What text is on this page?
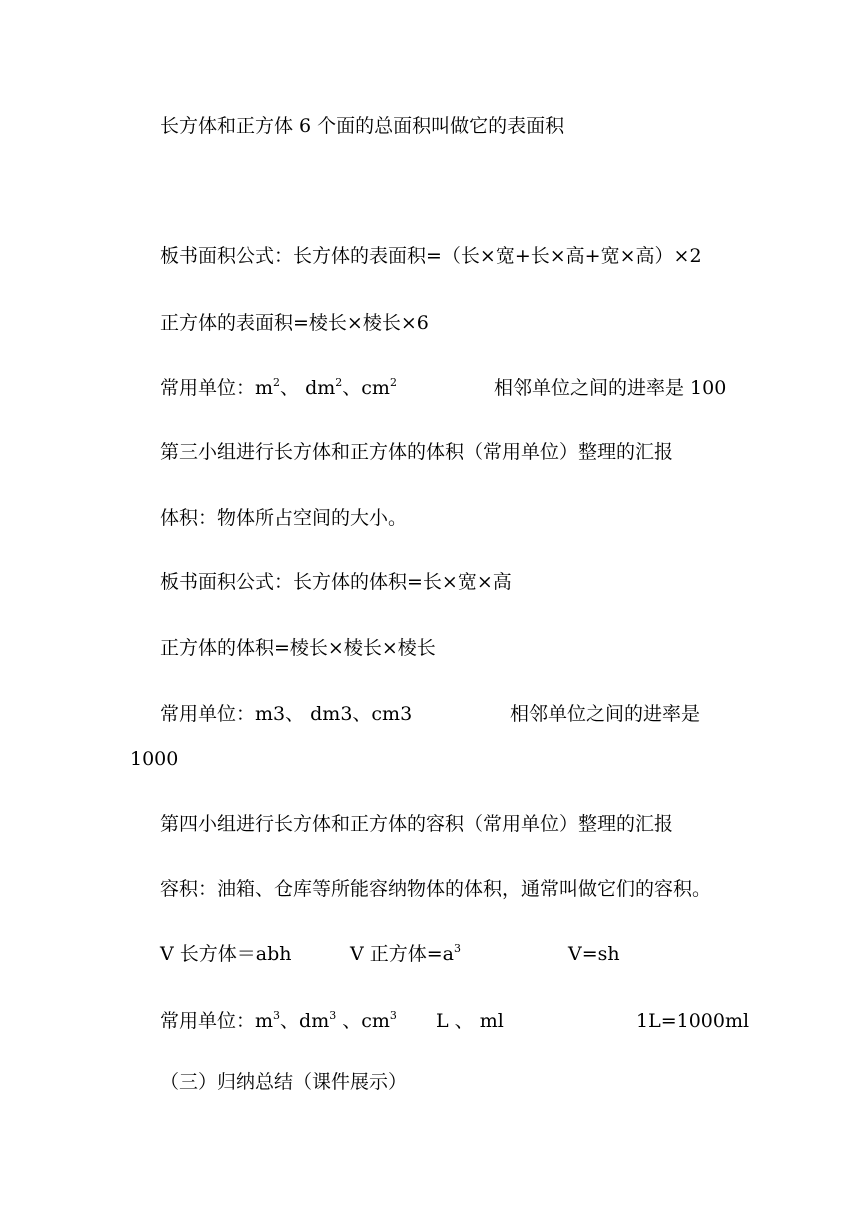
长方体和正方体 6 个面的总面积叫做它的表面积
板书面积公式：长方体的表面积=（长×宽+长×高+宽×高）×2
正方体的表面积=棱长×棱长×6
常用单位：$m^2$、 $dm^2$、$cm^2$	相邻单位之间的进率是 100
第三小组进行长方体和正方体的体积（常用单位）整理的汇报
体积：物体所占空间的大小。
板书面积公式：长方体的体积=长×宽×高
正方体的体积=棱长×棱长×棱长
常用单位：m3、 dm3、cm3	相邻单位之间的进率是
1000
第四小组进行长方体和正方体的容积（常用单位）整理的汇报
容积：油箱、仓库等所能容纳物体的体积，通常叫做它们的容积。
V 长方体＝abh	V 正方体$=a^3$	V=sh
常用单位：$m^3$、$dm^3$ 、$cm^3$ L 、 ml	1L=1000ml
（三）归纳总结（课件展示）
